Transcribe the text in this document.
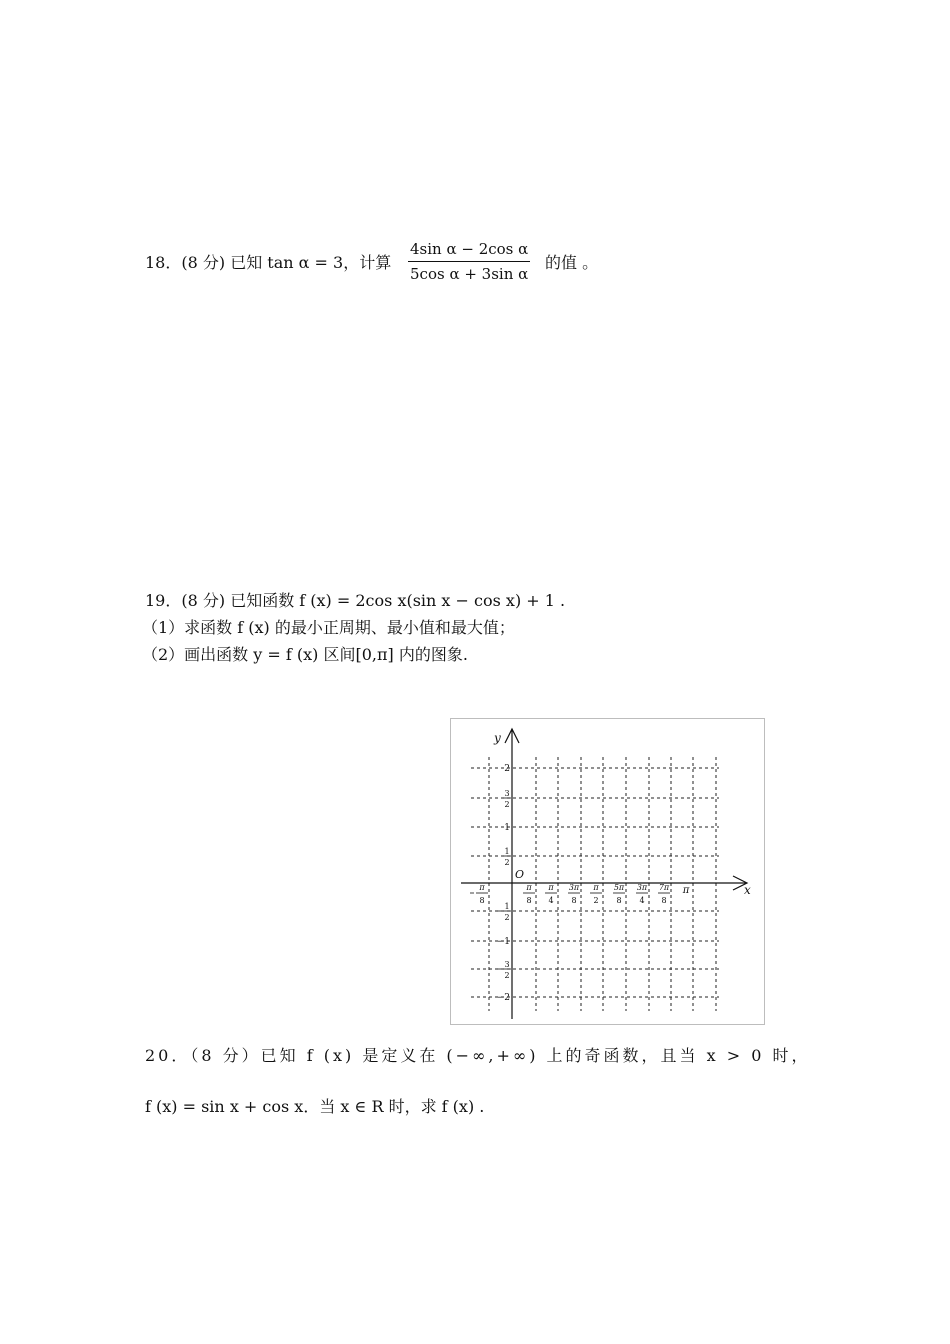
18．(8 分) 已知 tan α = 3，计算
4sin α − 2cos α
5cos α + 3sin α
的值 。
19．(8 分) 已知函数 f (x) = 2cos x(sin x − cos x) + 1 .
（1）求函数 f (x) 的最小正周期、最小值和最大值；
（2）画出函数 y = f (x) 区间[0,π] 内的图象.
x
y
O
π
8
π
8
π
4
3π
8
π
2
5π
8
3π
4
7π
8
π
2
3
2
1
1
2
1
2
−1
3
2
−2
20．（8 分）已知 f (x) 是定义在 (−∞,+∞) 上的奇函数，且当 x > 0 时，
f (x) = sin x + cos x．当 x ∈ R 时，求 f (x) .
